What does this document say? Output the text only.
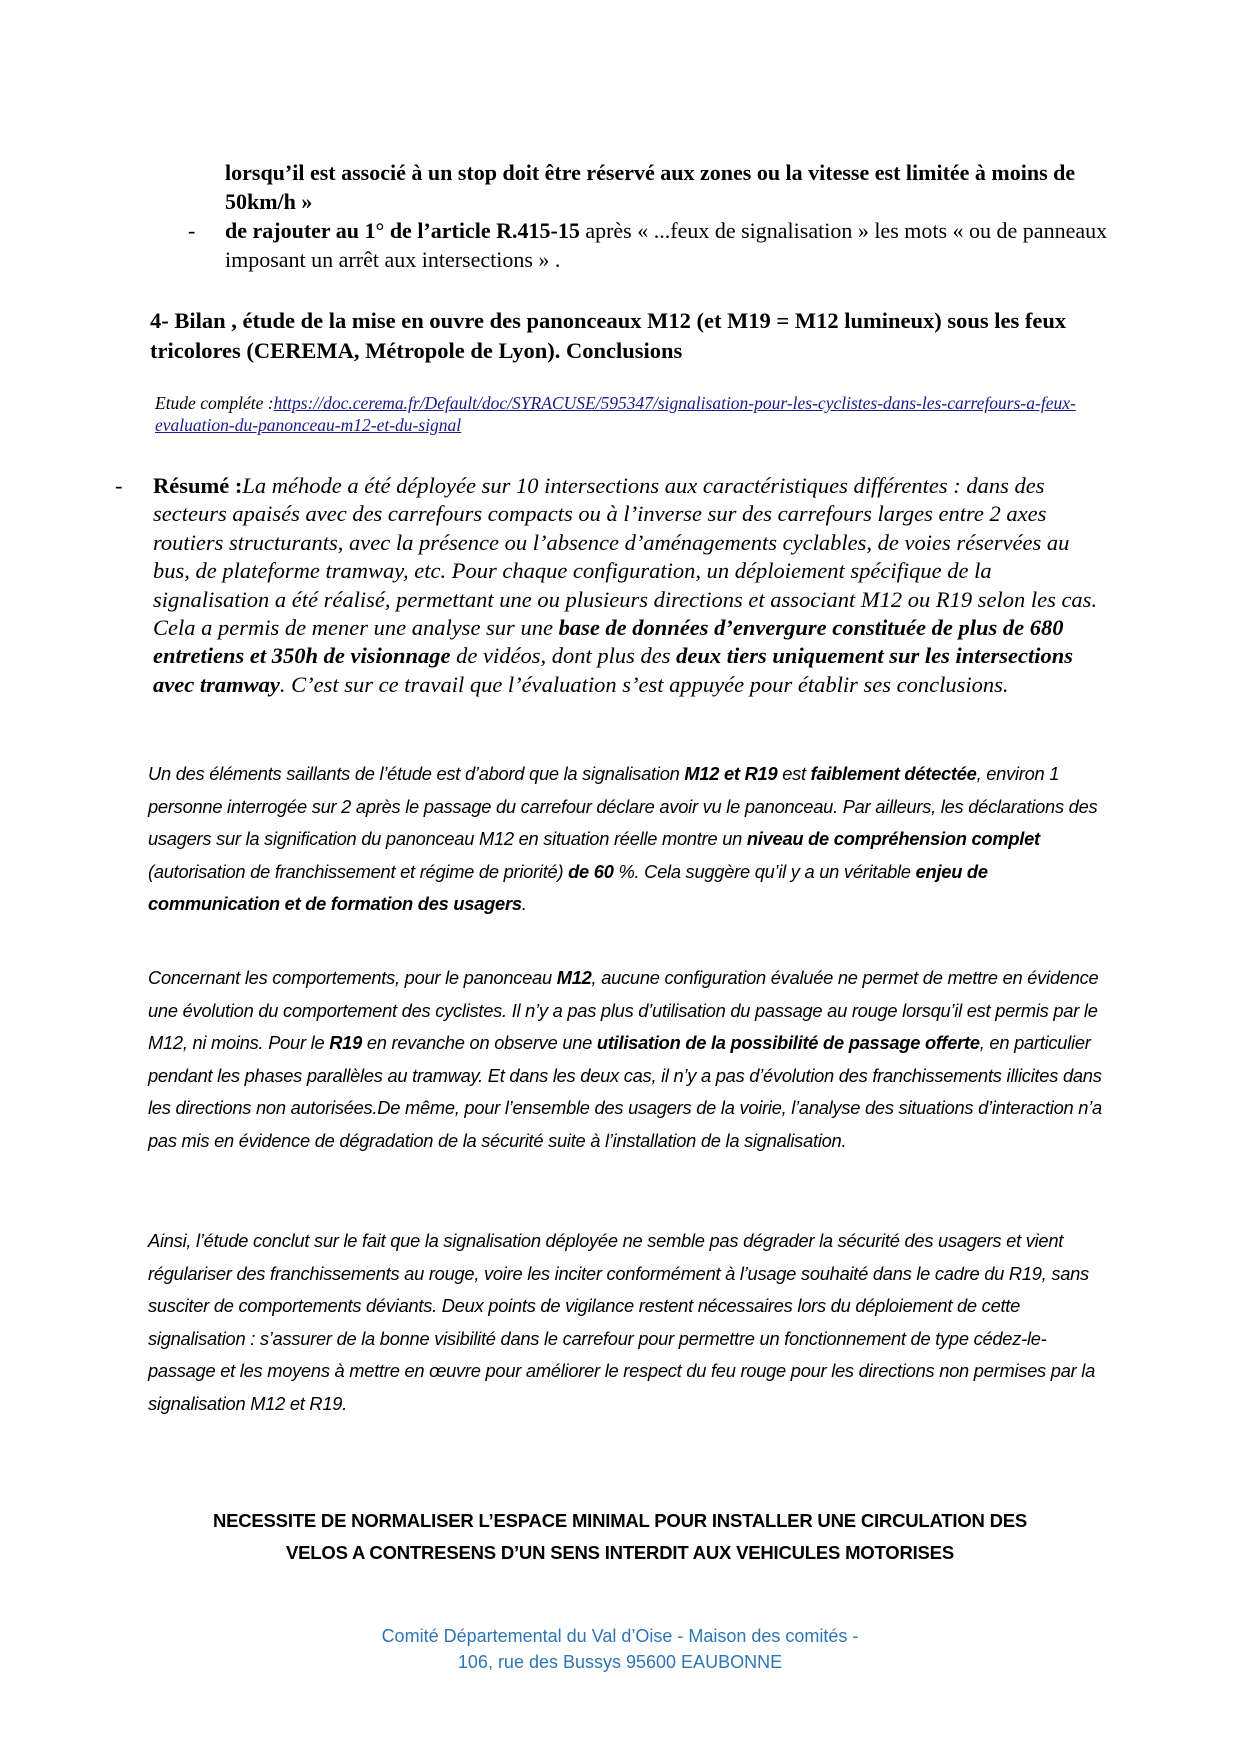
lorsqu’il est associé à un stop doit être réservé aux zones ou la vitesse est limitée à moins de 50km/h »
- de rajouter au 1° de l’article R.415-15 après « ...feux de signalisation » les mots « ou de panneaux imposant un arrêt aux intersections » .
4- Bilan , étude de la mise en ouvre des panonceaux M12 (et M19 = M12 lumineux) sous les feux tricolores (CEREMA, Métropole de Lyon). Conclusions
Etude compléte :https://doc.cerema.fr/Default/doc/SYRACUSE/595347/signalisation-pour-les-cyclistes-dans-les-carrefours-a-feux-evaluation-du-panonceau-m12-et-du-signal
-	Résumé :La méhode a été déployée sur 10 intersections aux caractéristiques différentes : dans des secteurs apaisés avec des carrefours compacts ou à l’inverse sur des carrefours larges entre 2 axes routiers structurants, avec la présence ou l’absence d’aménagements cyclables, de voies réservées au bus, de plateforme tramway, etc. Pour chaque configuration, un déploiement spécifique de la signalisation a été réalisé, permettant une ou plusieurs directions et associant M12 ou R19 selon les cas. Cela a permis de mener une analyse sur une base de données d’envergure constituée de plus de 680 entretiens et 350h de visionnage de vidéos, dont plus des deux tiers uniquement sur les intersections avec tramway. C’est sur ce travail que l’évaluation s’est appuyée pour établir ses conclusions.
Un des éléments saillants de l’étude est d’abord que la signalisation M12 et R19 est faiblement détectée, environ 1 personne interrogée sur 2 après le passage du carrefour déclare avoir vu le panonceau. Par ailleurs, les déclarations des usagers sur la signification du panonceau M12 en situation réelle montre un niveau de compréhension complet (autorisation de franchissement et régime de priorité) de 60 %. Cela suggère qu’il y a un véritable enjeu de communication et de formation des usagers.
Concernant les comportements, pour le panonceau M12, aucune configuration évaluée ne permet de mettre en évidence une évolution du comportement des cyclistes. Il n’y a pas plus d’utilisation du passage au rouge lorsqu’il est permis par le M12, ni moins. Pour le R19 en revanche on observe une utilisation de la possibilité de passage offerte, en particulier pendant les phases parallèles au tramway. Et dans les deux cas, il n’y a pas d’évolution des franchissements illicites dans les directions non autorisées.De même, pour l’ensemble des usagers de la voirie, l’analyse des situations d’interaction n’a pas mis en évidence de dégradation de la sécurité suite à l’installation de la signalisation.
Ainsi, l’étude conclut sur le fait que la signalisation déployée ne semble pas dégrader la sécurité des usagers et vient régulariser des franchissements au rouge, voire les inciter conformément à l’usage souhaité dans le cadre du R19, sans susciter de comportements déviants. Deux points de vigilance restent nécessaires lors du déploiement de cette signalisation : s’assurer de la bonne visibilité dans le carrefour pour permettre un fonctionnement de type cédez-le-passage et les moyens à mettre en œuvre pour améliorer le respect du feu rouge pour les directions non permises par la signalisation M12 et R19.
NECESSITE DE NORMALISER L’ESPACE MINIMAL POUR INSTALLER UNE CIRCULATION DES
VELOS A CONTRESENS D’UN SENS INTERDIT AUX VEHICULES MOTORISES
Comité Départemental du Val d’Oise - Maison des comités -
106, rue des Bussys 95600 EAUBONNE
